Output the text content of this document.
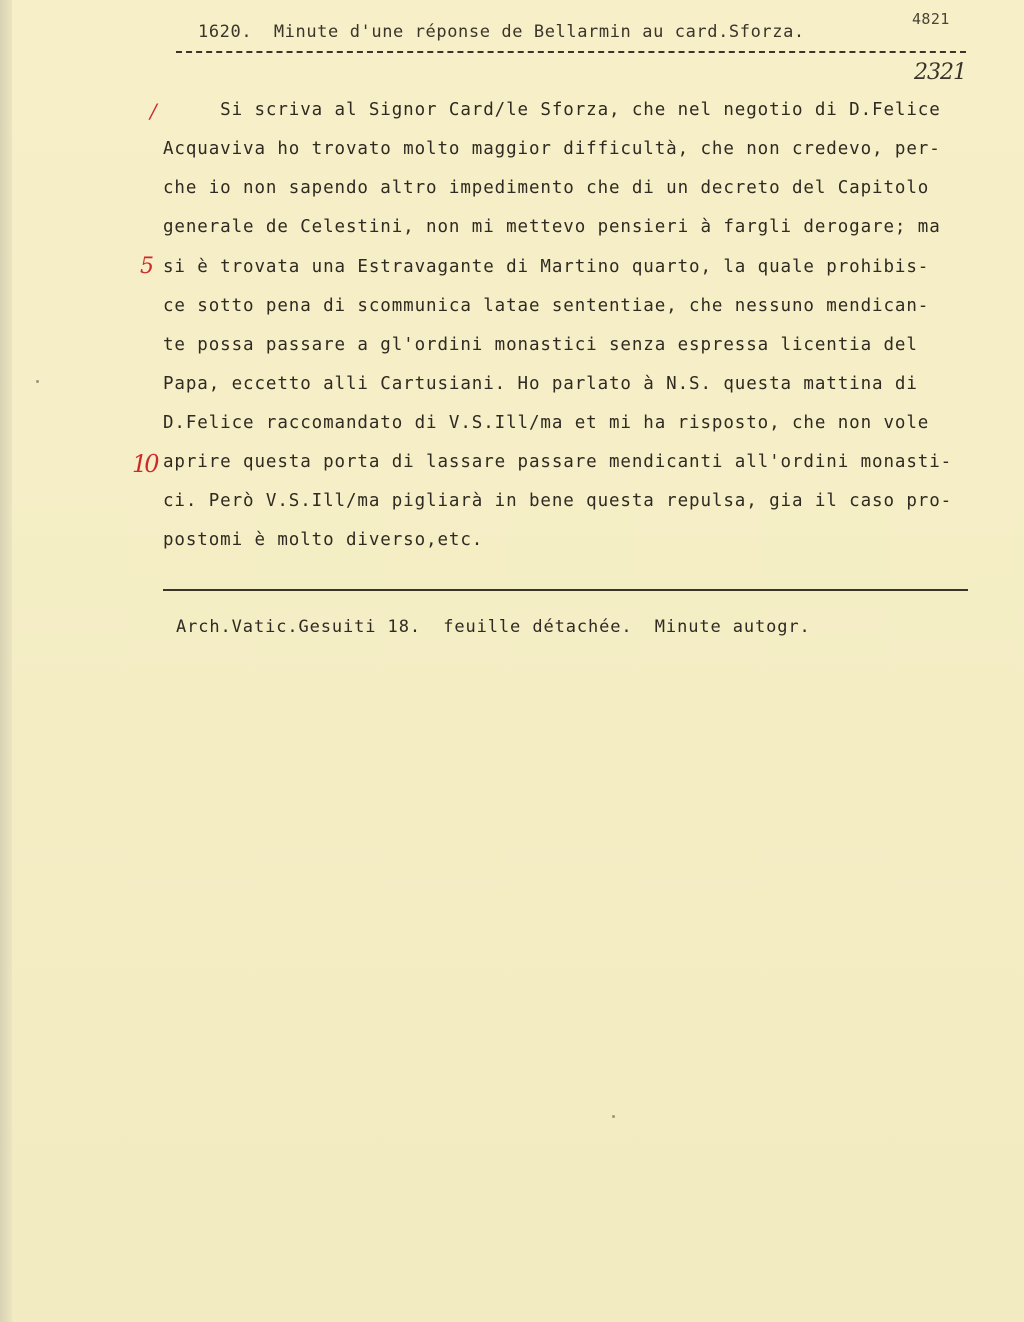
1620.  Minute d'une réponse de Bellarmin au card.Sforza.
4821
2321
/
5
10
Si scriva al Signor Card/le Sforza, che nel negotio di D.Felice
Acquaviva ho trovato molto maggior difficultà, che non credevo, per-
che io non sapendo altro impedimento che di un decreto del Capitolo
generale de Celestini, non mi mettevo pensieri à fargli derogare; ma
si è trovata una Estravagante di Martino quarto, la quale prohibis-
ce sotto pena di scommunica latae sententiae, che nessuno mendican-
te possa passare a gl'ordini monastici senza espressa licentia del
Papa, eccetto alli Cartusiani. Ho parlato à N.S. questa mattina di
D.Felice raccomandato di V.S.Ill/ma et mi ha risposto, che non vole
aprire questa porta di lassare passare mendicanti all'ordini monasti-
ci. Però V.S.Ill/ma pigliarà in bene questa repulsa, gia il caso pro-
postomi è molto diverso,etc.
Arch.Vatic.Gesuiti 18.  feuille détachée.  Minute autogr.
